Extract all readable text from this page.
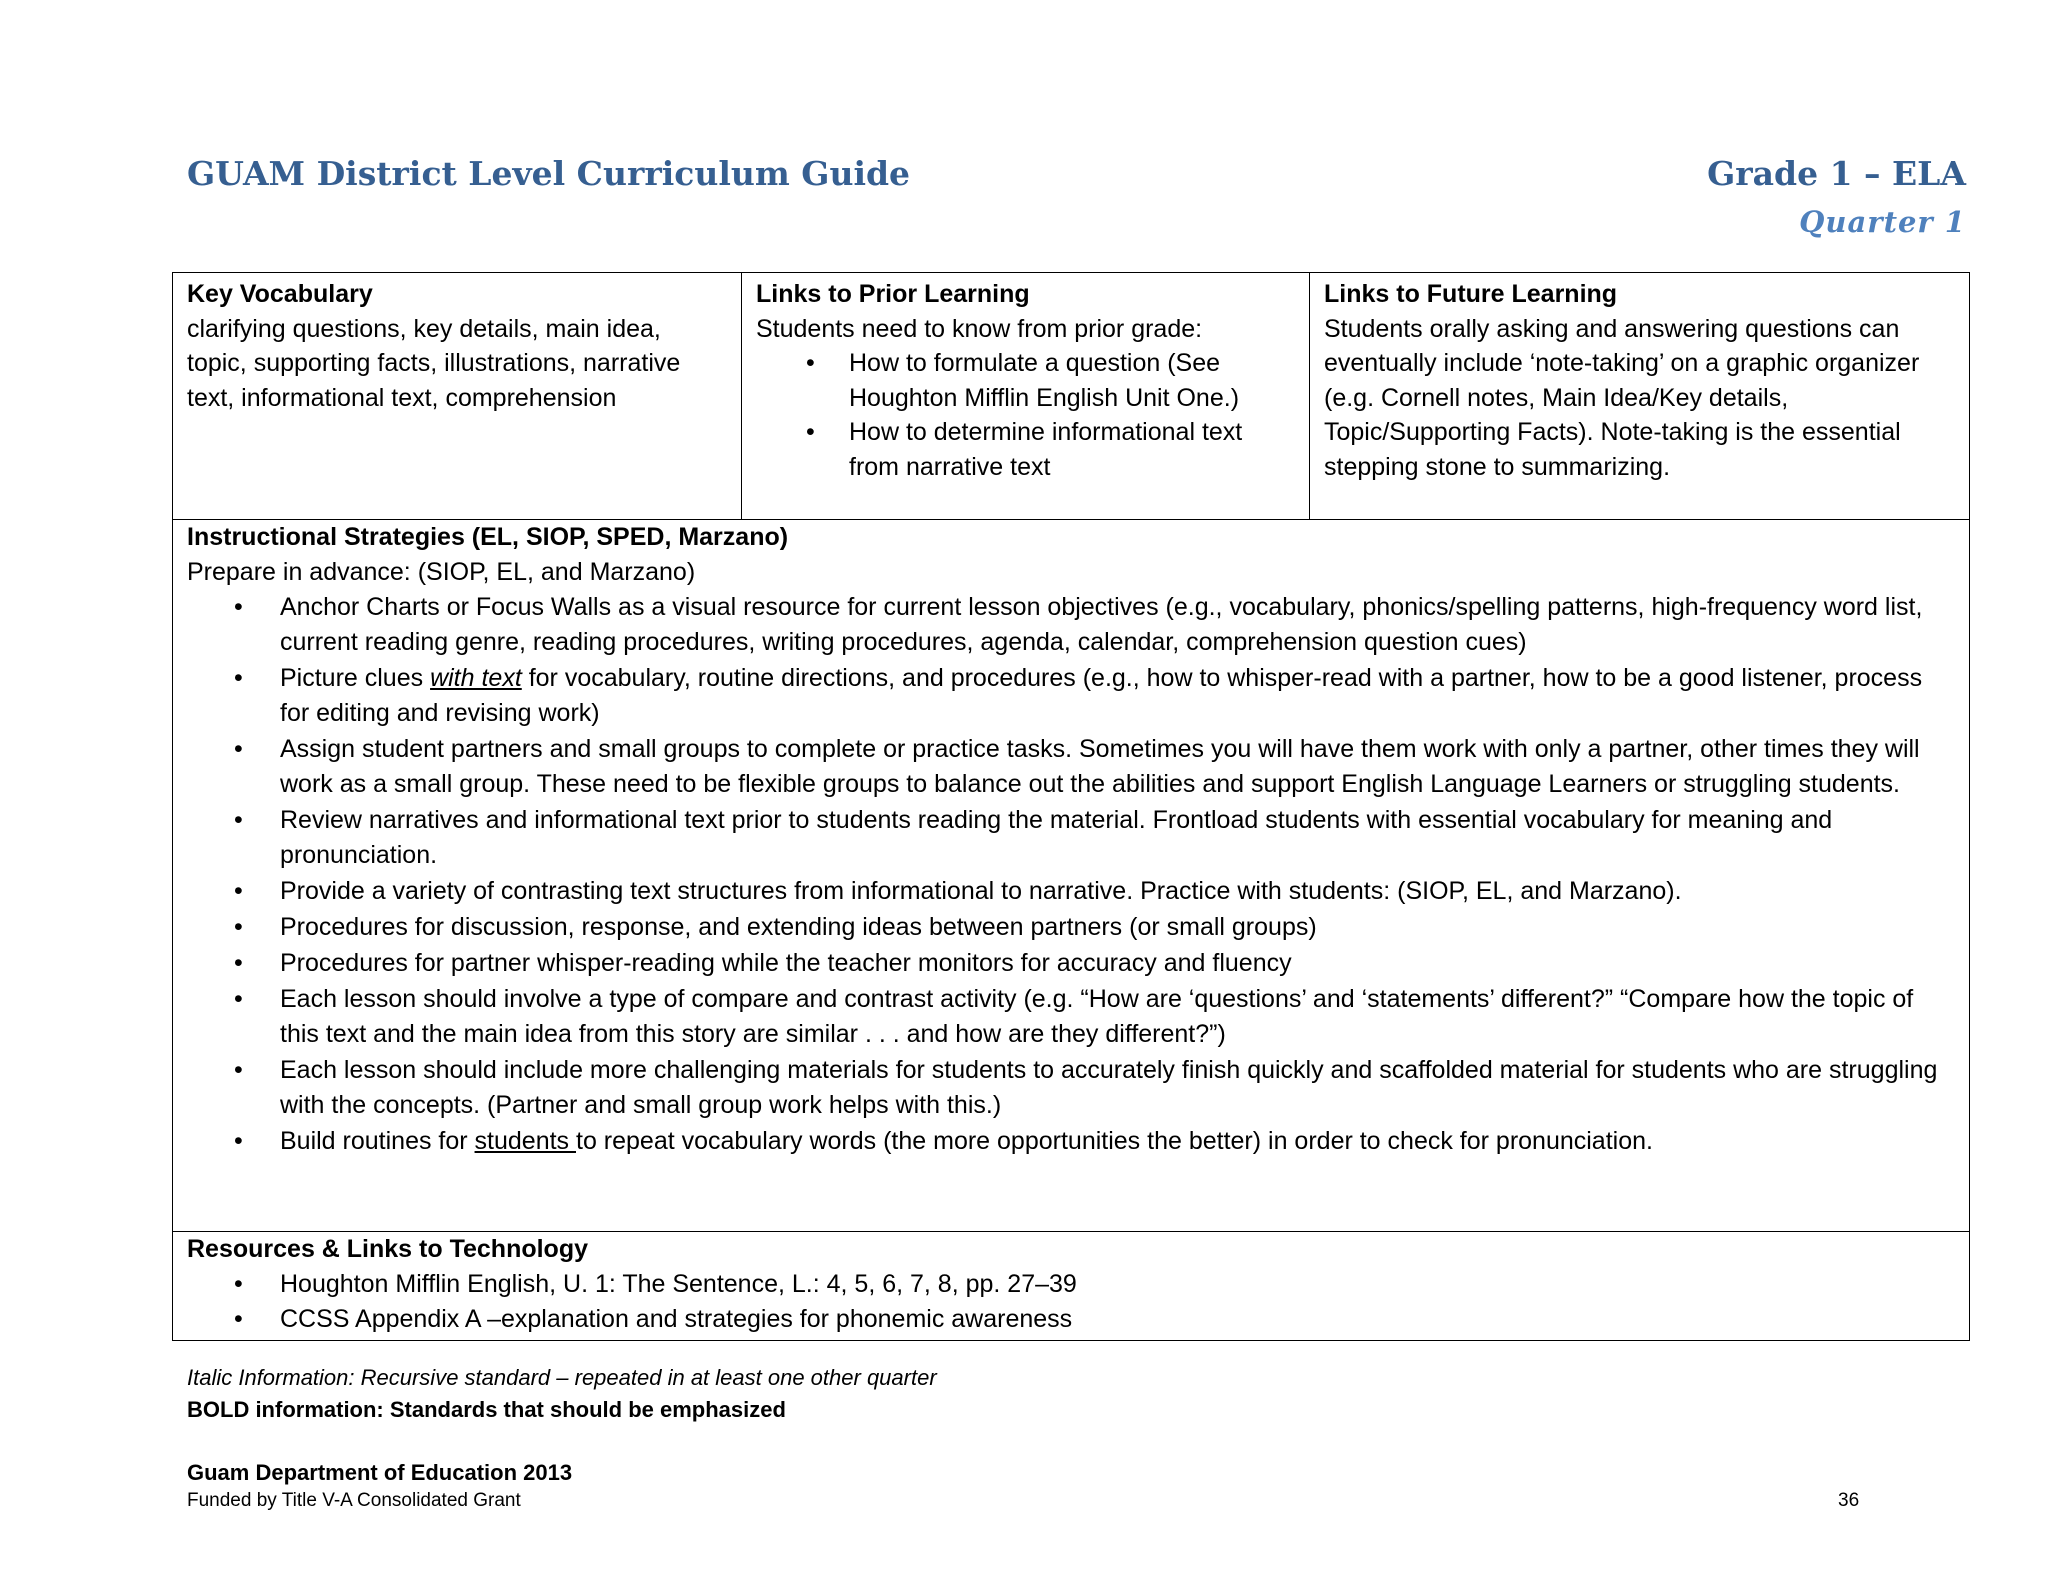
GUAM District Level Curriculum Guide	Grade 1 – ELA
Quarter 1
Key Vocabulary
clarifying questions, key details, main idea, topic, supporting facts, illustrations, narrative text, informational text, comprehension
Links to Prior Learning
Students need to know from prior grade:
• How to formulate a question (See Houghton Mifflin English Unit One.)
• How to determine informational text from narrative text
Links to Future Learning
Students orally asking and answering questions can eventually include ‘note-taking’ on a graphic organizer (e.g. Cornell notes, Main Idea/Key details, Topic/Supporting Facts). Note-taking is the essential stepping stone to summarizing.
Instructional Strategies (EL, SIOP, SPED, Marzano)
Prepare in advance: (SIOP, EL, and Marzano)
• Anchor Charts or Focus Walls as a visual resource for current lesson objectives (e.g., vocabulary, phonics/spelling patterns, high-frequency word list, current reading genre, reading procedures, writing procedures, agenda, calendar, comprehension question cues)
• Picture clues with text for vocabulary, routine directions, and procedures (e.g., how to whisper-read with a partner, how to be a good listener, process for editing and revising work)
• Assign student partners and small groups to complete or practice tasks. Sometimes you will have them work with only a partner, other times they will work as a small group. These need to be flexible groups to balance out the abilities and support English Language Learners or struggling students.
• Review narratives and informational text prior to students reading the material. Frontload students with essential vocabulary for meaning and pronunciation.
• Provide a variety of contrasting text structures from informational to narrative. Practice with students: (SIOP, EL, and Marzano).
• Procedures for discussion, response, and extending ideas between partners (or small groups)
• Procedures for partner whisper-reading while the teacher monitors for accuracy and fluency
• Each lesson should involve a type of compare and contrast activity (e.g. “How are ‘questions’ and ‘statements’ different?” “Compare how the topic of this text and the main idea from this story are similar . . . and how are they different?”)
• Each lesson should include more challenging materials for students to accurately finish quickly and scaffolded material for students who are struggling with the concepts. (Partner and small group work helps with this.)
• Build routines for students to repeat vocabulary words (the more opportunities the better) in order to check for pronunciation.
Resources & Links to Technology
• Houghton Mifflin English, U. 1: The Sentence, L.: 4, 5, 6, 7, 8, pp. 27–39
• CCSS Appendix A –explanation and strategies for phonemic awareness
Italic Information: Recursive standard – repeated in at least one other quarter
BOLD information: Standards that should be emphasized
Guam Department of Education 2013
Funded by Title V-A Consolidated Grant	36
